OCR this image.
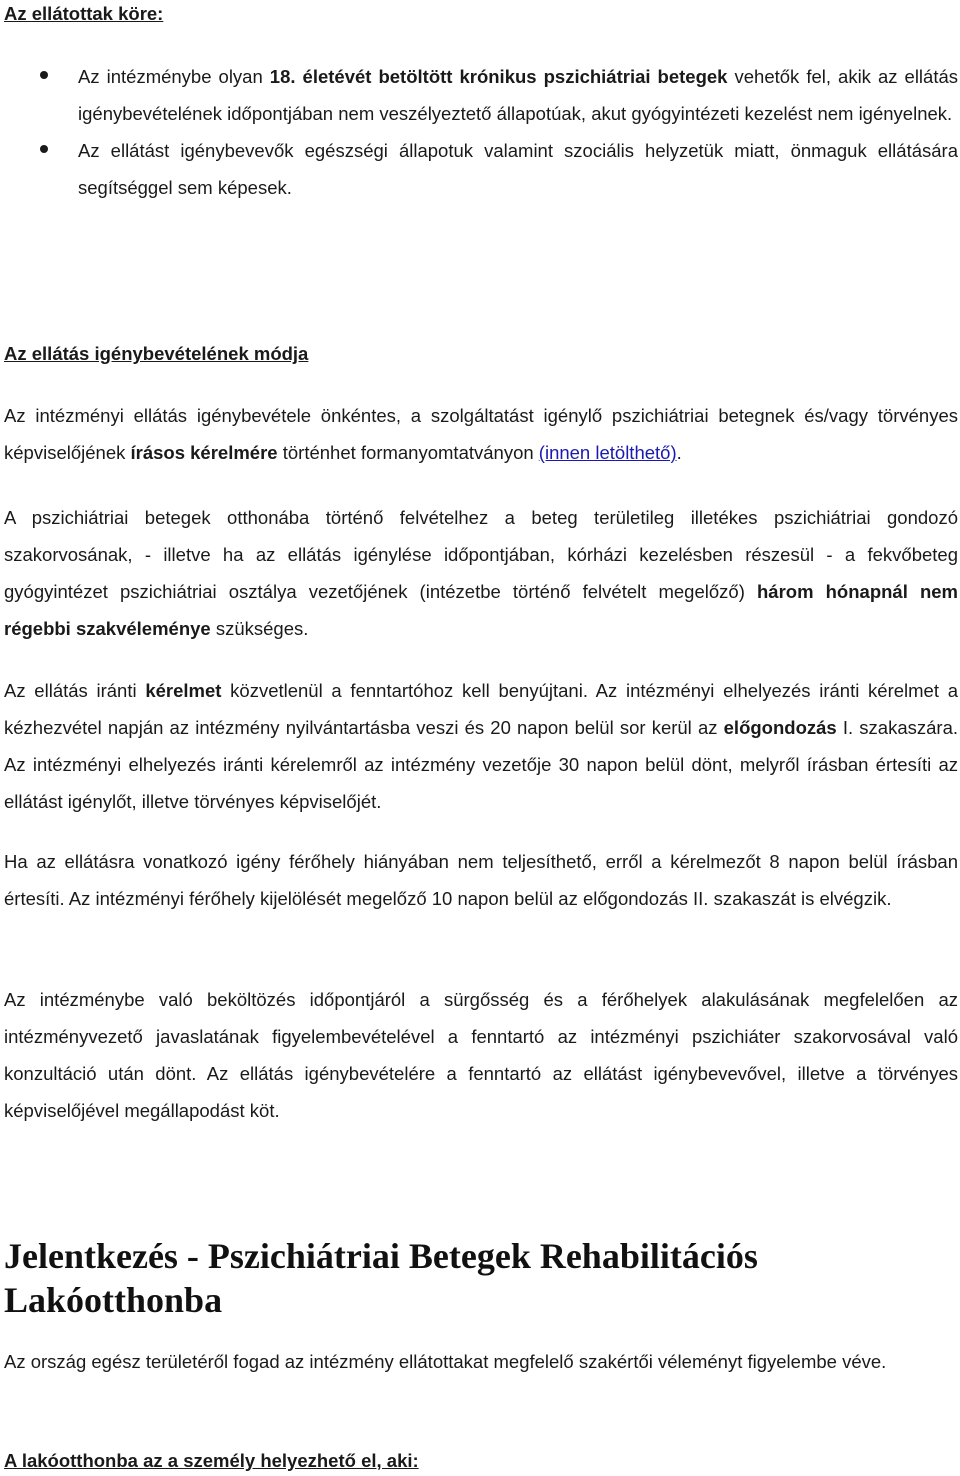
Az ellátottak köre:

Az intézménybe olyan 18. életévét betöltött krónikus pszichiátriai betegek vehetők fel, akik az ellátás igénybevételének időpontjában nem veszélyeztető állapotúak, akut gyógyintézeti kezelést nem igényelnek.
Az ellátást igénybevevők egészségi állapotuk valamint szociális helyzetük miatt, önmaguk ellátására segítséggel sem képesek.

Az ellátás igénybevételének módja

Az intézményi ellátás igénybevétele önkéntes, a szolgáltatást igénylő pszichiátriai betegnek és/vagy törvényes képviselőjének írásos kérelmére történhet formanyomtatványon (innen letölthető).

A pszichiátriai betegek otthonába történő felvételhez a beteg területileg illetékes pszichiátriai gondozó szakorvosának, - illetve ha az ellátás igénylése időpontjában, kórházi kezelésben részesül - a fekvőbeteg gyógyintézet pszichiátriai osztálya vezetőjének (intézetbe történő felvételt megelőző) három hónapnál nem régebbi szakvéleménye szükséges.

Az ellátás iránti kérelmet közvetlenül a fenntartóhoz kell benyújtani. Az intézményi elhelyezés iránti kérelmet a kézhezvétel napján az intézmény nyilvántartásba veszi és 20 napon belül sor kerül az előgondozás I. szakaszára. Az intézményi elhelyezés iránti kérelemről az intézmény vezetője 30 napon belül dönt, melyről írásban értesíti az ellátást igénylőt, illetve törvényes képviselőjét.

Ha az ellátásra vonatkozó igény férőhely hiányában nem teljesíthető, erről a kérelmezőt 8 napon belül írásban értesíti. Az intézményi férőhely kijelölését megelőző 10 napon belül az előgondozás II. szakaszát is elvégzik.

Az intézménybe való beköltözés időpontjáról a sürgősség és a férőhelyek alakulásának megfelelően az intézményvezető javaslatának figyelembevételével a fenntartó az intézményi pszichiáter szakorvosával való konzultáció után dönt. Az ellátás igénybevételére a fenntartó az ellátást igénybevevővel, illetve a törvényes képviselőjével megállapodást köt.

Jelentkezés - Pszichiátriai Betegek Rehabilitációs Lakóotthonba

Az ország egész területéről fogad az intézmény ellátottakat megfelelő szakértői véleményt figyelembe véve.

A lakóotthonba az a személy helyezhető el, aki:
